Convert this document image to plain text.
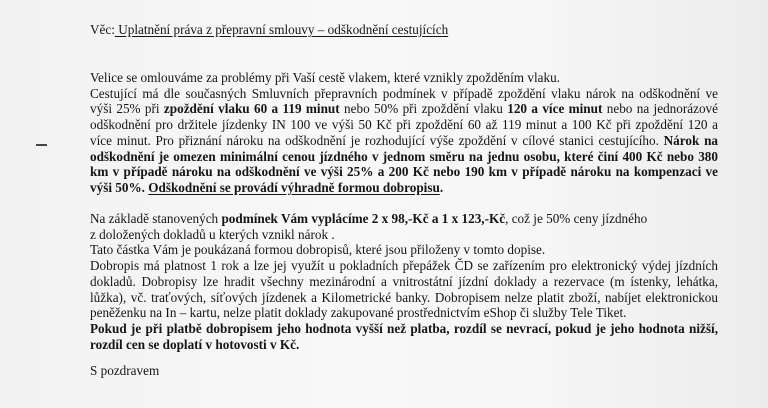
Věc: Uplatnění práva z přepravní smlouvy – odškodnění cestujících
Velice se omlouváme za problémy při Vaší cestě vlakem, které vznikly zpožděním vlaku.
Cestující má dle současných Smluvních přepravních podmínek v případě zpoždění vlaku nárok na odškodnění ve
výši 25% při zpoždění vlaku 60 a 119 minut nebo 50% při zpoždění vlaku 120 a více minut nebo na jednorázové
odškodnění pro držitele jízdenky IN 100 ve výši 50 Kč při zpoždění 60 až 119 minut a 100 Kč při zpoždění 120 a
více minut. Pro přiznání nároku na odškodnění je rozhodující výše zpoždění v cílové stanici cestujícího. Nárok na
odškodnění je omezen minimální cenou jízdného v jednom směru na jednu osobu, které činí 400 Kč nebo 380
km v případě nároku na odškodnění ve výši 25% a 200 Kč nebo 190 km v případě nároku na kompenzaci ve
výši 50%. Odškodnění se provádí výhradně formou dobropisu.
Na základě stanovených podmínek Vám vyplácíme 2 x 98,-Kč a 1 x 123,-Kč, což je 50% ceny jízdného
z doložených dokladů u kterých vznikl nárok .
Tato částka Vám je poukázaná formou dobropisů, které jsou přiloženy v tomto dopise.
Dobropis má platnost 1 rok a lze jej využít u pokladních přepážek ČD se zařízením pro elektronický výdej jízdních
dokladů. Dobropisy lze hradit všechny mezinárodní a vnitrostátní jízdní doklady a rezervace (m ístenky, lehátka,
lůžka), vč. traťových, síťových jízdenek a Kilometrické banky. Dobropisem nelze platit zboží, nabíjet elektronickou
peněženku na In – kartu, nelze platit doklady zakupované prostřednictvím eShop či služby Tele Tiket.
Pokud je při platbě dobropisem jeho hodnota vyšší než platba, rozdíl se nevrací, pokud je jeho hodnota nižší,
rozdíl cen se doplatí v hotovosti v Kč.
S pozdravem
